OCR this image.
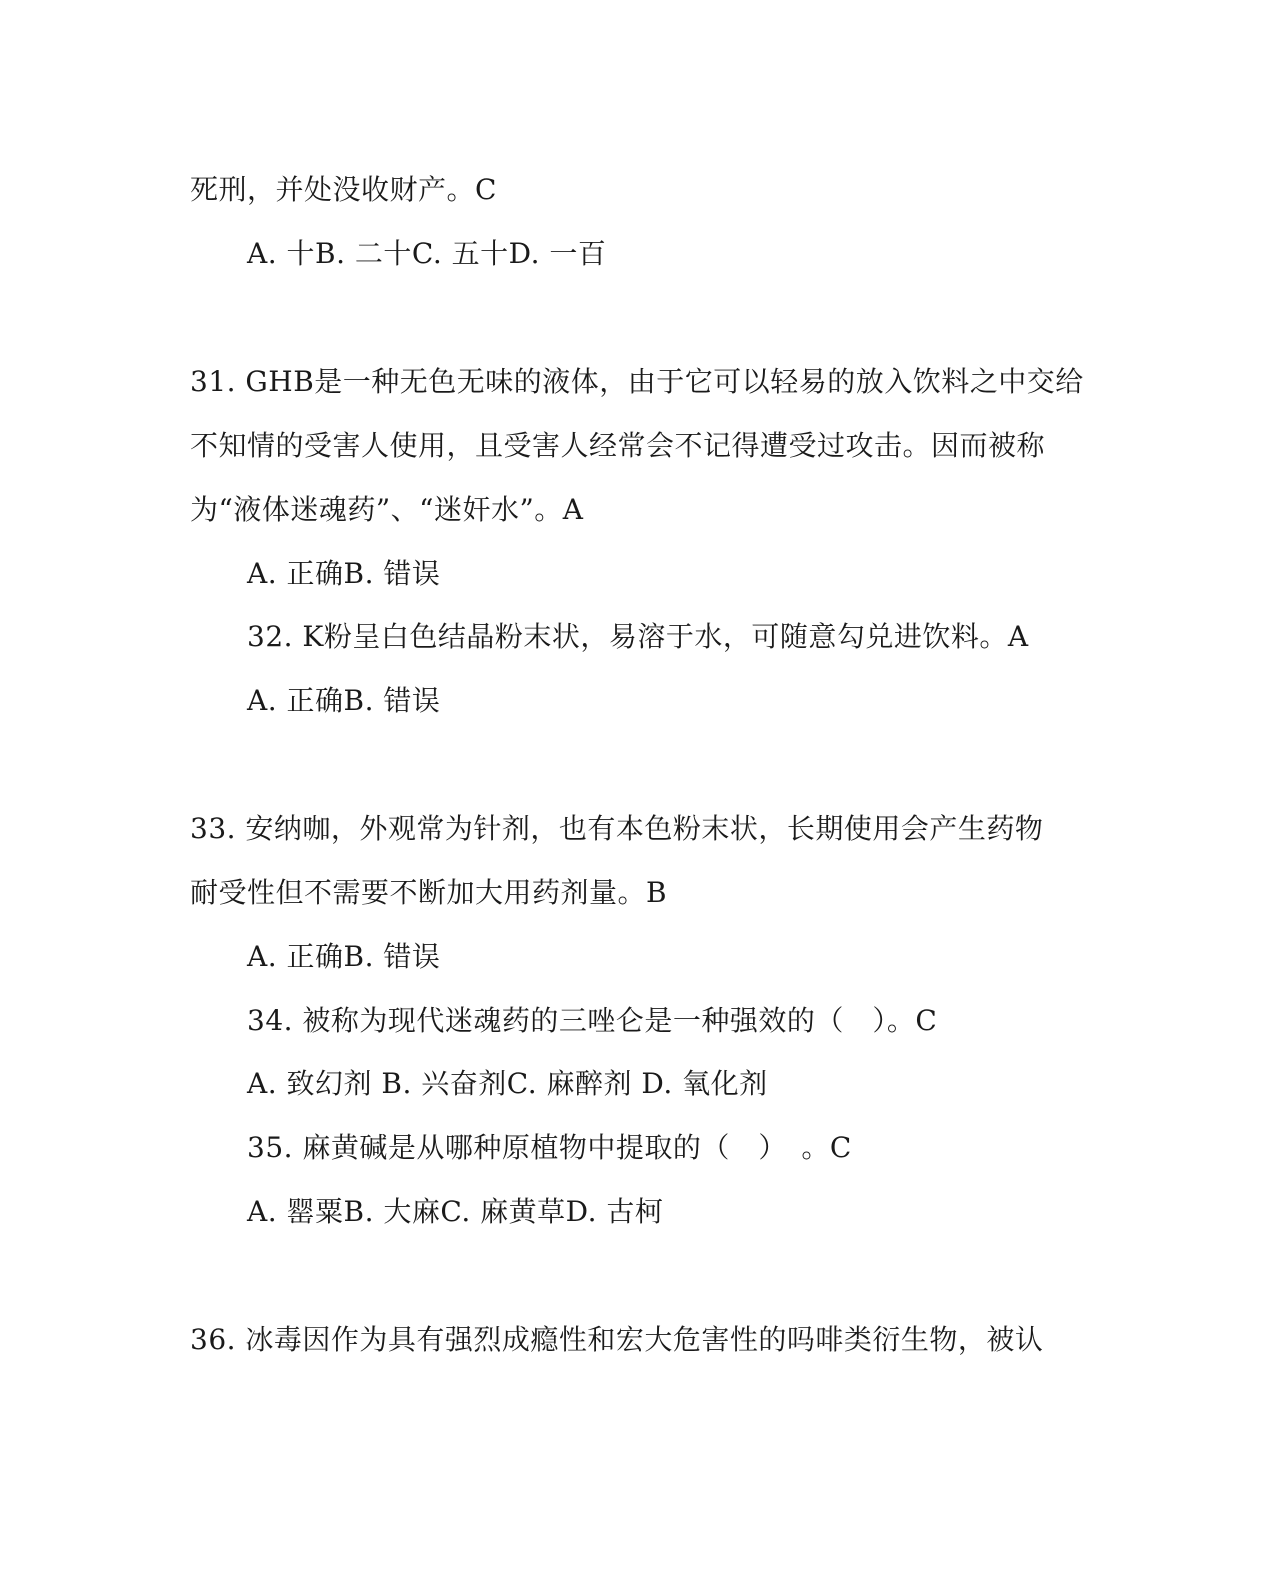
死刑，并处没收财产。C
A. 十B. 二十C. 五十D. 一百
31. GHB是一种无色无味的液体，由于它可以轻易的放入饮料之中交给
不知情的受害人使用，且受害人经常会不记得遭受过攻击。因而被称
为“液体迷魂药”、“迷奸水”。A
A. 正确B. 错误
32. K粉呈白色结晶粉末状，易溶于水，可随意勾兑进饮料。A
A. 正确B. 错误
33. 安纳咖，外观常为针剂，也有本色粉末状，长期使用会产生药物
耐受性但不需要不断加大用药剂量。B
A. 正确B. 错误
34. 被称为现代迷魂药的三唑仑是一种强效的（　）。C
A. 致幻剂 B. 兴奋剂C. 麻醉剂 D. 氧化剂
35. 麻黄碱是从哪种原植物中提取的（　）　。C
A. 罂粟B. 大麻C. 麻黄草D. 古柯
36. 冰毒因作为具有强烈成瘾性和宏大危害性的吗啡类衍生物，被认
